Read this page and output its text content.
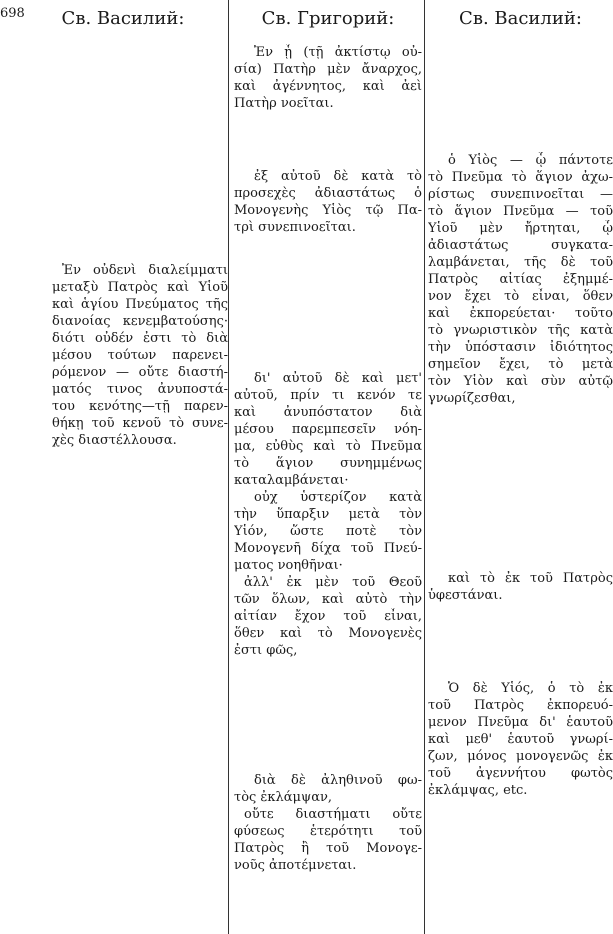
698	Св. Василий:	Св. Григорий:	Св. Василий:
Ἐν ᾗ (τῇ ἀκτίστῳ οὐ-
σία) Πατὴρ μὲν ἄναρχος,
καὶ ἀγέννητος, καὶ ἀεὶ
Πατὴρ νοεῖται.
ἐξ αὐτοῦ δὲ κατὰ τὸ
προσεχὲς ἀδιαστάτως ὁ
Μονογενὴς Υἱὸς τῷ Πα-
τρὶ συνεπινοεῖται.
δι' αὐτοῦ δὲ καὶ μετ'
αὐτοῦ, πρίν τι κενόν τε
καὶ ἀνυπόστατον διὰ
μέσου παρεμπεσεῖν νόη-
μα, εὐθὺς καὶ τὸ Πνεῦμα
τὸ ἅγιον συνημμένως
καταλαμβάνεται·
οὐχ ὑστερίζον κατὰ
τὴν ὕπαρξιν μετὰ τὸν
Υἱόν, ὥστε ποτὲ τὸν
Μονογενῆ δίχα τοῦ Πνεύ-
ματος νοηθῆναι·
ἀλλ' ἐκ μὲν τοῦ Θεοῦ
τῶν ὅλων, καὶ αὐτὸ τὴν
αἰτίαν ἔχον τοῦ εἶναι,
ὅθεν καὶ τὸ Μονογενὲς
ἐστι φῶς,
διὰ δὲ ἀληθινοῦ φω-
τὸς ἐκλάμψαν,
οὔτε διαστήματι οὔτε
φύσεως ἑτερότητι τοῦ
Πατρὸς ἢ τοῦ Μονογε-
νοῦς ἀποτέμνεται.
Ἐν οὐδενὶ διαλείμματι
μεταξὺ Πατρὸς καὶ Υἱοῦ
καὶ ἁγίου Πνεύματος τῆς
διανοίας κενεμβατούσης·
διότι οὐδέν ἐστι τὸ διὰ
μέσου τούτων παρενει-
ρόμενον — οὔτε διαστή-
ματός τινος ἀνυποστά-
του κενότης—τῇ παρεν-
θήκῃ τοῦ κενοῦ τὸ συνε-
χὲς διαστέλλουσα.
ὁ Υἱὸς — ᾧ πάντοτε
τὸ Πνεῦμα τὸ ἅγιον ἀχω-
ρίστως συνεπινοεῖται —
τὸ ἅγιον Πνεῦμα — τοῦ
Υἱοῦ μὲν ἤρτηται, ᾧ
ἀδιαστάτως συγκατα-
λαμβάνεται, τῆς δὲ τοῦ
Πατρὸς αἰτίας ἐξημμέ-
νον ἔχει τὸ εἶναι, ὅθεν
καὶ ἐκπορεύεται· τοῦτο
τὸ γνωριστικὸν τῆς κατὰ
τὴν ὑπόστασιν ἰδιότητος
σημεῖον ἔχει, τὸ μετὰ
τὸν Υἱὸν καὶ σὺν αὐτῷ
γνωρίζεσθαι,
καὶ τὸ ἐκ τοῦ Πατρὸς
ὑφεστάναι.
Ὁ δὲ Υἱός, ὁ τὸ ἐκ
τοῦ Πατρὸς ἐκπορευό-
μενον Πνεῦμα δι' ἑαυτοῦ
καὶ μεθ' ἑαυτοῦ γνωρί-
ζων, μόνος μονογενῶς ἐκ
τοῦ ἀγεννήτου φωτὸς
ἐκλάμψας, etc.
